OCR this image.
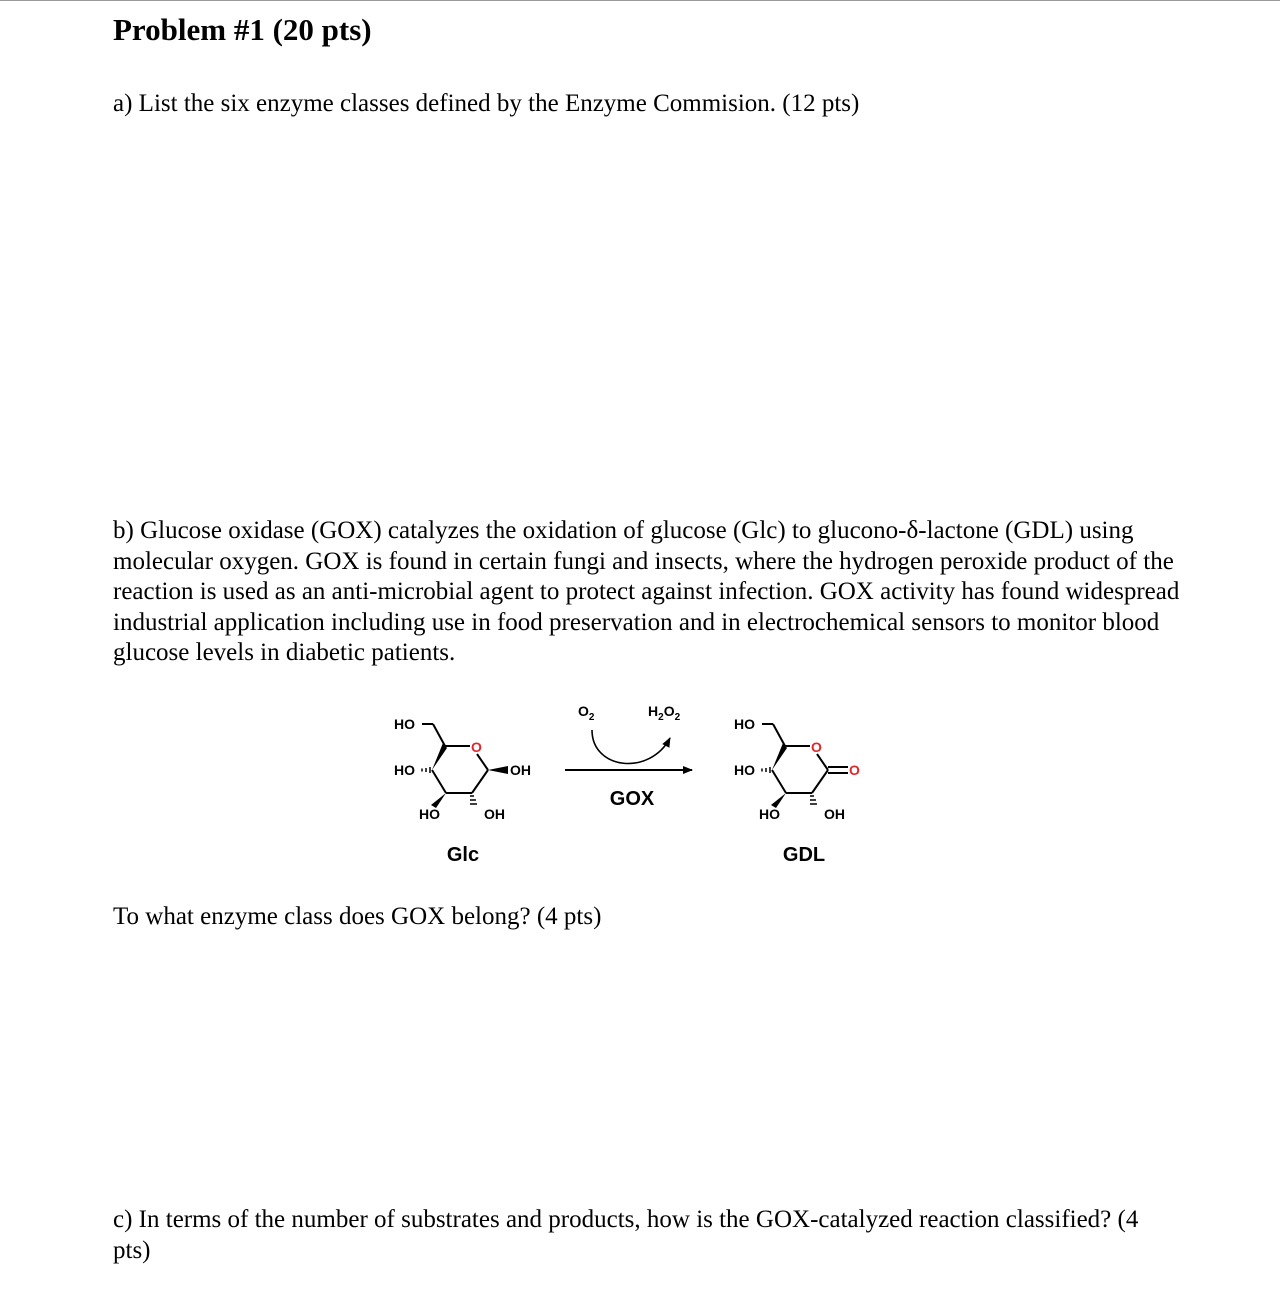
Problem #1 (20 pts)

a) List the six enzyme classes defined by the Enzyme Commision. (12 pts)

b) Glucose oxidase (GOX) catalyzes the oxidation of glucose (Glc) to glucono-δ-lactone (GDL) using molecular oxygen. GOX is found in certain fungi and insects, where the hydrogen peroxide product of the reaction is used as an anti-microbial agent to protect against infection. GOX activity has found widespread industrial application including use in food preservation and in electrochemical sensors to monitor blood glucose levels in diabetic patients.

HO
O
HO	OH
HO	OH
Glc
$O_2$	$H_2O_2$
GOX
HO
O
HO	O
HO	OH
GDL

To what enzyme class does GOX belong? (4 pts)

c) In terms of the number of substrates and products, how is the GOX-catalyzed reaction classified? (4 pts)
